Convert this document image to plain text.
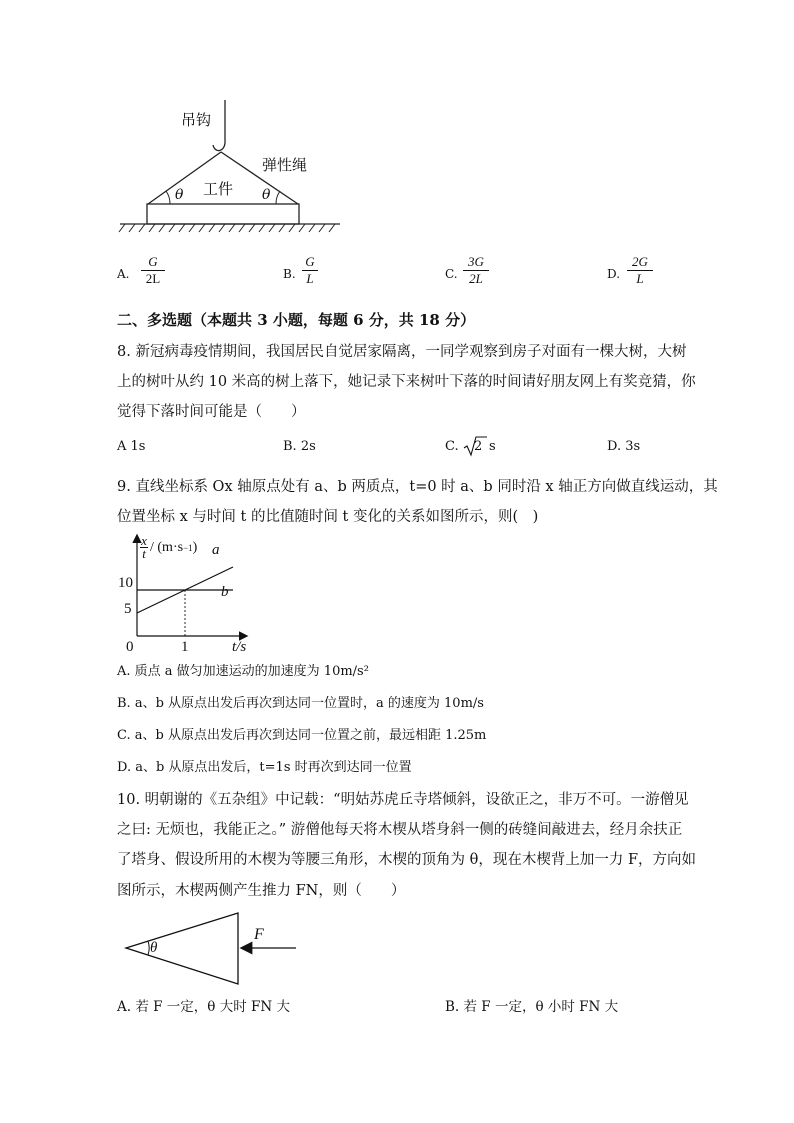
吊钩
弹性绳
工件
θ	θ
A.
G
2L	B.
G
L	C.
3G
2L	D.
2G
L
二、多选题（本题共 3 小题，每题 6 分，共 18 分）
8. 新冠病毒疫情期间，我国居民自觉居家隔离，一同学观察到房子对面有一棵大树，大树
上的树叶从约 10 米高的树上落下，她记录下来树叶下落的时间请好朋友网上有奖竞猜，你
觉得下落时间可能是（　　）
A 1s	B. 2s	C. 2 s	D. 3s
9. 直线坐标系 Ox 轴原点处有 a、b 两质点，t=0 时 a、b 同时沿 x 轴正方向做直线运动，其
位置坐标 x 与时间 t 的比值随时间 t 变化的关系如图所示，则(　)
x
t / (m·s −1 ) a
b
10
5
0	1	t/s
A. 质点 a 做匀加速运动的加速度为 10m/s²
B. a、b 从原点出发后再次到达同一位置时，a 的速度为 10m/s
C. a、b 从原点出发后再次到达同一位置之前，最远相距 1.25m
D. a、b 从原点出发后，t=1s 时再次到达同一位置
10. 明朝谢的《五杂组》中记载：“明姑苏虎丘寺塔倾斜，设欲正之，非万不可。一游僧见
之曰: 无烦也，我能正之。” 游僧他每天将木楔从塔身斜一侧的砖缝间敲进去，经月余扶正
了塔身、假设所用的木楔为等腰三角形，木楔的顶角为 θ，现在木楔背上加一力 F，方向如
图所示，木楔两侧产生推力 FN，则（　　）
θ
F
A. 若 F 一定，θ 大时 FN 大	B. 若 F 一定，θ 小时 FN 大
